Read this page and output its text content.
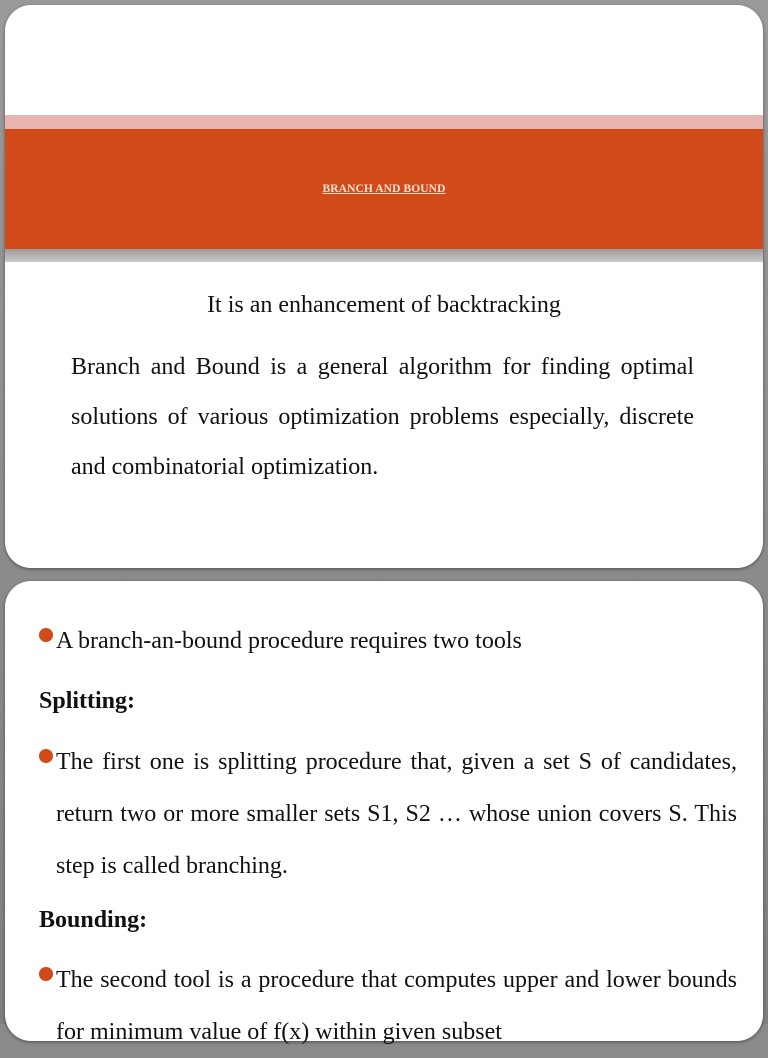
BRANCH AND BOUND
It is an enhancement of backtracking
Branch and Bound is a general algorithm for finding optimal solutions of various optimization problems especially, discrete and combinatorial optimization.
A branch-an-bound procedure requires two tools
Splitting:
The first one is splitting procedure that, given a set S of candidates, return two or more smaller sets S1, S2 … whose union covers S. This step is called branching.
Bounding:
The second tool is a procedure that computes upper and lower bounds for minimum value of f(x) within given subset
